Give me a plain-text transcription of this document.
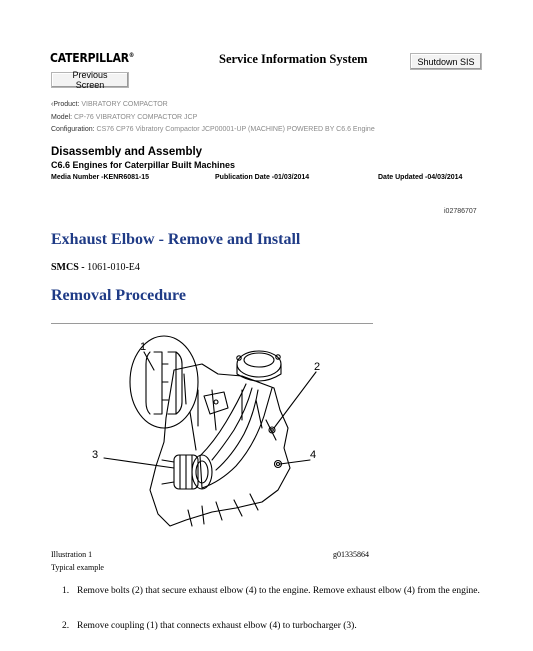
CATERPILLAR®	Service Information System	Shutdown SIS
Previous Screen
‹Product: VIBRATORY COMPACTOR
Model: CP-76 VIBRATORY COMPACTOR JCP
Configuration: CS76 CP76 Vibratory Compactor JCP00001-UP (MACHINE) POWERED BY C6.6 Engine
Disassembly and Assembly
C6.6 Engines for Caterpillar Built Machines
Media Number -KENR6081-15	Publication Date -01/03/2014	Date Updated -04/03/2014
i02786707
Exhaust Elbow - Remove and Install
SMCS - 1061-010-E4
Removal Procedure
1
2
3	4
Illustration 1	g01335864
Typical example
1. Remove bolts (2) that secure exhaust elbow (4) to the engine. Remove exhaust elbow (4) from the engine.
2. Remove coupling (1) that connects exhaust elbow (4) to turbocharger (3).
